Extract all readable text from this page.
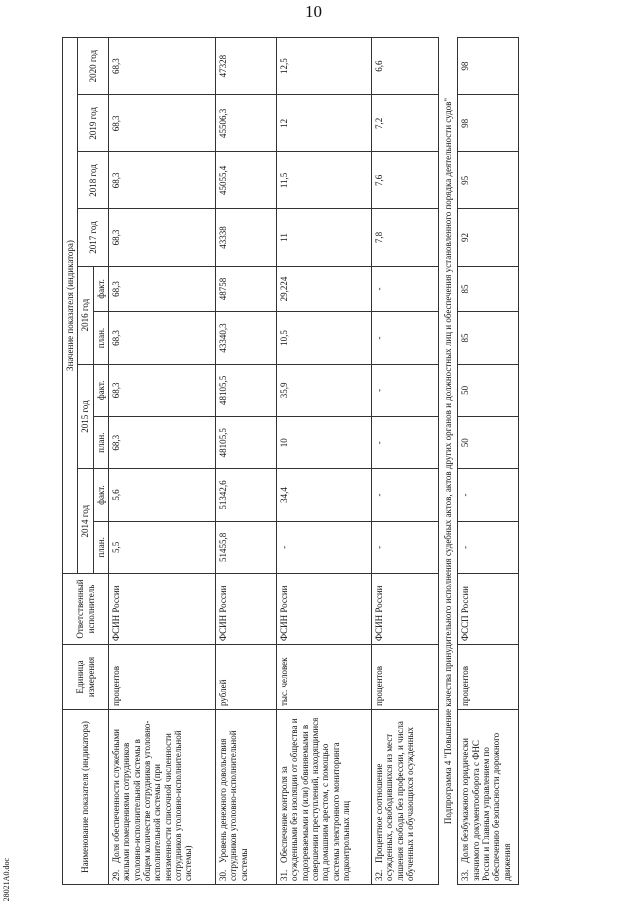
10
28021A0.doc
Наименование показателя (индикатора)	Единица измерения	Ответственный исполнитель	Значение показателя (индикатора)									
			2014 год		2015 год		2016 год		2017 год	2018 год	2019 год	2020 год
			план.	факт.	план.	факт.	план.	факт.				
29.Доля обеспеченности служебными жилыми помещениями сотрудников уголовно-исполнительной системы в общем количестве сотрудников уголовно-исполнительной системы (при неизменности списочной численности сотрудников уголовно-исполнительной системы)	процентов	ФСИН России	5,5	5,6	68,3	68,3	68,3	68,3	68,3	68,3	68,3	68,3
30.Уровень денежного довольствия сотрудников уголовно-исполнительной системы	рублей	ФСИН России	51455,8	51342,6	48105,5	48105,5	43340,3	48758	43338	45055,4	45506,3	47328
31.Обеспечение контроля за осужденными без изоляции от общества и подозреваемыми и (или) обвиняемыми в совершении преступлений, находящимися под домашним арестом, с помощью системы электронного мониторинга подконтрольных лиц	тыс. человек	ФСИН России	-	34,4	10	35,9	10,5	29,224	11	11,5	12	12,5
32.Процентное соотношение осужденных, освободившихся из мест лишения свободы без профессии, и числа обученных и обучающихся осужденных	процентов	ФСИН России	-	-	-	-	-	-	7,8	7,6	7,2	6,6
Подпрограмма 4 "Повышение качества принудительного исполнения судебных актов, актов других органов и должностных лиц и обеспечения установленного порядка деятельности судов"												
33.Доля безбумажного юридически значимого документооборота с ФНС России и Главным управлением по обеспечению безопасности дорожного движения	процентов	ФССП России	-	-	50	50	85	85	92	95	98	98
